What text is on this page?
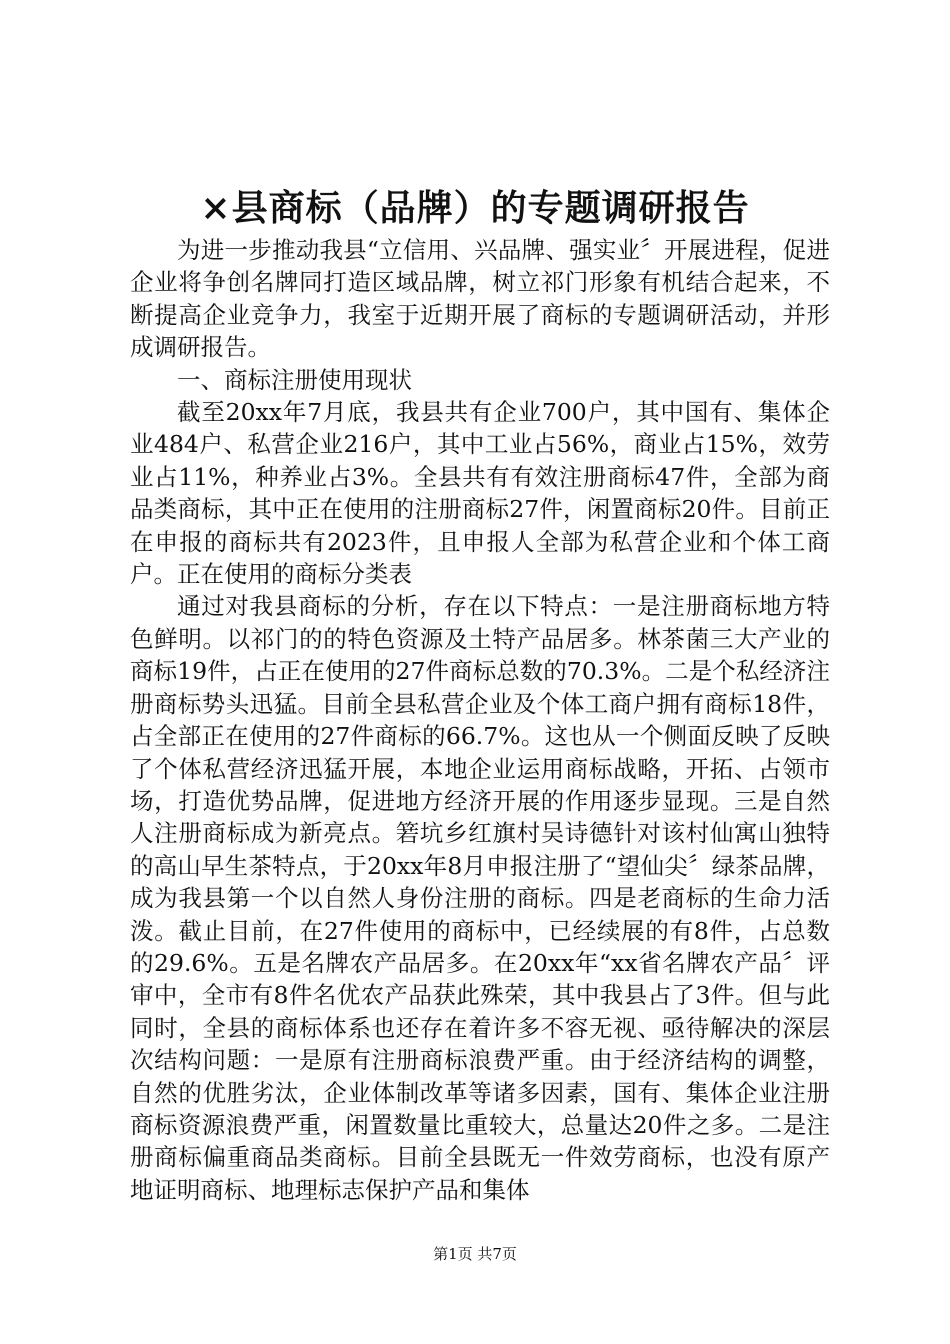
×县商标（品牌）的专题调研报告

为进一步推动我县“立信用、兴品牌、强实业〞开展进程，促进企业将争创名牌同打造区域品牌，树立祁门形象有机结合起来，不断提高企业竞争力，我室于近期开展了商标的专题调研活动，并形成调研报告。

一、商标注册使用现状

截至20xx年7月底，我县共有企业700户，其中国有、集体企业484户、私营企业216户，其中工业占56%，商业占15%，效劳业占11%，种养业占3%。全县共有有效注册商标47件，全部为商品类商标，其中正在使用的注册商标27件，闲置商标20件。目前正在申报的商标共有2023件，且申报人全部为私营企业和个体工商户。正在使用的商标分类表

通过对我县商标的分析，存在以下特点：一是注册商标地方特色鲜明。以祁门的的特色资源及土特产品居多。林茶菌三大产业的商标19件，占正在使用的27件商标总数的70.3%。二是个私经济注册商标势头迅猛。目前全县私营企业及个体工商户拥有商标18件，占全部正在使用的27件商标的66.7%。这也从一个侧面反映了反映了个体私营经济迅猛开展，本地企业运用商标战略，开拓、占领市场，打造优势品牌，促进地方经济开展的作用逐步显现。三是自然人注册商标成为新亮点。箬坑乡红旗村吴诗德针对该村仙寓山独特的高山早生茶特点，于20xx年8月申报注册了“望仙尖〞绿茶品牌，成为我县第一个以自然人身份注册的商标。四是老商标的生命力活泼。截止目前，在27件使用的商标中，已经续展的有8件，占总数的29.6%。五是名牌农产品居多。在20xx年“xx省名牌农产品〞评审中，全市有8件名优农产品获此殊荣，其中我县占了3件。但与此同时，全县的商标体系也还存在着许多不容无视、亟待解决的深层次结构问题：一是原有注册商标浪费严重。由于经济结构的调整，自然的优胜劣汰，企业体制改革等诸多因素，国有、集体企业注册商标资源浪费严重，闲置数量比重较大，总量达20件之多。二是注册商标偏重商品类商标。目前全县既无一件效劳商标，也没有原产地证明商标、地理标志保护产品和集体

第1页 共7页
